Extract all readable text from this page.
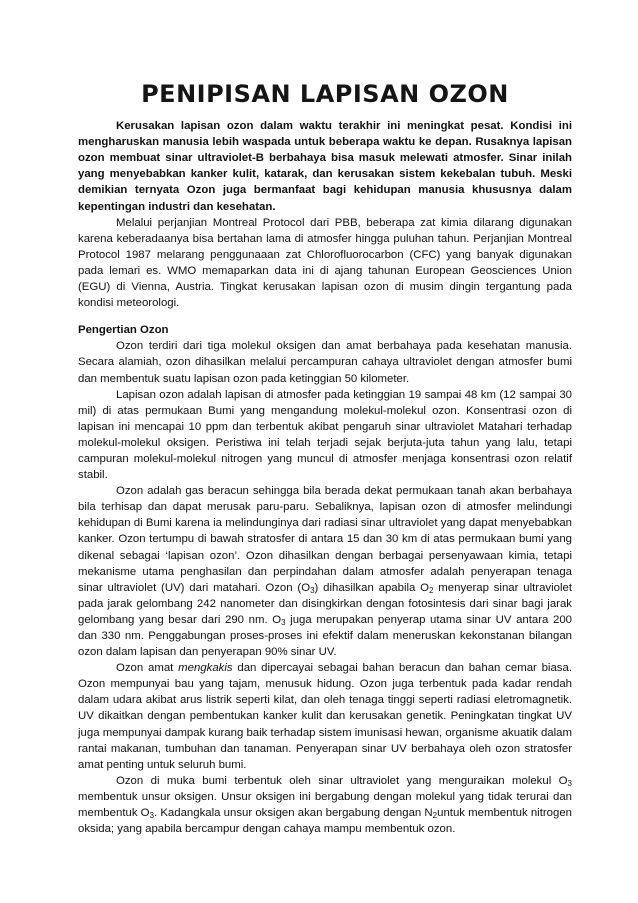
PENIPISAN LAPISAN OZON

Kerusakan lapisan ozon dalam waktu terakhir ini meningkat pesat. Kondisi ini mengharuskan manusia lebih waspada untuk beberapa waktu ke depan. Rusaknya lapisan ozon membuat sinar ultraviolet-B berbahaya bisa masuk melewati atmosfer. Sinar inilah yang menyebabkan kanker kulit, katarak, dan kerusakan sistem kekebalan tubuh. Meski demikian ternyata Ozon juga bermanfaat bagi kehidupan manusia khususnya dalam kepentingan industri dan kesehatan.

Melalui perjanjian Montreal Protocol dari PBB, beberapa zat kimia dilarang digunakan karena keberadaanya bisa bertahan lama di atmosfer hingga puluhan tahun. Perjanjian Montreal Protocol 1987 melarang penggunaaan zat Chlorofluorocarbon (CFC) yang banyak digunakan pada lemari es. WMO memaparkan data ini di ajang tahunan European Geosciences Union (EGU) di Vienna, Austria. Tingkat kerusakan lapisan ozon di musim dingin tergantung pada kondisi meteorologi.

Pengertian Ozon

Ozon terdiri dari tiga molekul oksigen dan amat berbahaya pada kesehatan manusia. Secara alamiah, ozon dihasilkan melalui percampuran cahaya ultraviolet dengan atmosfer bumi dan membentuk suatu lapisan ozon pada ketinggian 50 kilometer.

Lapisan ozon adalah lapisan di atmosfer pada ketinggian 19 sampai 48 km (12 sampai 30 mil) di atas permukaan Bumi yang mengandung molekul-molekul ozon. Konsentrasi ozon di lapisan ini mencapai 10 ppm dan terbentuk akibat pengaruh sinar ultraviolet Matahari terhadap molekul-molekul oksigen. Peristiwa ini telah terjadi sejak berjuta-juta tahun yang lalu, tetapi campuran molekul-molekul nitrogen yang muncul di atmosfer menjaga konsentrasi ozon relatif stabil.

Ozon adalah gas beracun sehingga bila berada dekat permukaan tanah akan berbahaya bila terhisap dan dapat merusak paru-paru. Sebaliknya, lapisan ozon di atmosfer melindungi kehidupan di Bumi karena ia melindunginya dari radiasi sinar ultraviolet yang dapat menyebabkan kanker. Ozon tertumpu di bawah stratosfer di antara 15 dan 30 km di atas permukaan bumi yang dikenal sebagai ‘lapisan ozon’. Ozon dihasilkan dengan berbagai persenyawaan kimia, tetapi mekanisme utama penghasilan dan perpindahan dalam atmosfer adalah penyerapan tenaga sinar ultraviolet (UV) dari matahari. Ozon $(O_3)$ dihasilkan apabila $O_2$ menyerap sinar ultraviolet pada jarak gelombang 242 nanometer dan disingkirkan dengan fotosintesis dari sinar bagi jarak gelombang yang besar dari 290 nm. $O_3$ juga merupakan penyerap utama sinar UV antara 200 dan 330 nm. Penggabungan proses-proses ini efektif dalam meneruskan kekonstanan bilangan ozon dalam lapisan dan penyerapan 90% sinar UV.

Ozon amat mengkakis dan dipercayai sebagai bahan beracun dan bahan cemar biasa. Ozon mempunyai bau yang tajam, menusuk hidung. Ozon juga terbentuk pada kadar rendah dalam udara akibat arus listrik seperti kilat, dan oleh tenaga tinggi seperti radiasi eletromagnetik. UV dikaitkan dengan pembentukan kanker kulit dan kerusakan genetik. Peningkatan tingkat UV juga mempunyai dampak kurang baik terhadap sistem imunisasi hewan, organisme akuatik dalam rantai makanan, tumbuhan dan tanaman. Penyerapan sinar UV berbahaya oleh ozon stratosfer amat penting untuk seluruh bumi.

Ozon di muka bumi terbentuk oleh sinar ultraviolet yang menguraikan molekul $O_3$ membentuk unsur oksigen. Unsur oksigen ini bergabung dengan molekul yang tidak terurai dan membentuk $O_3$. Kadangkala unsur oksigen akan bergabung dengan $N_2untuk$ membentuk nitrogen oksida; yang apabila bercampur dengan cahaya mampu membentuk ozon.
